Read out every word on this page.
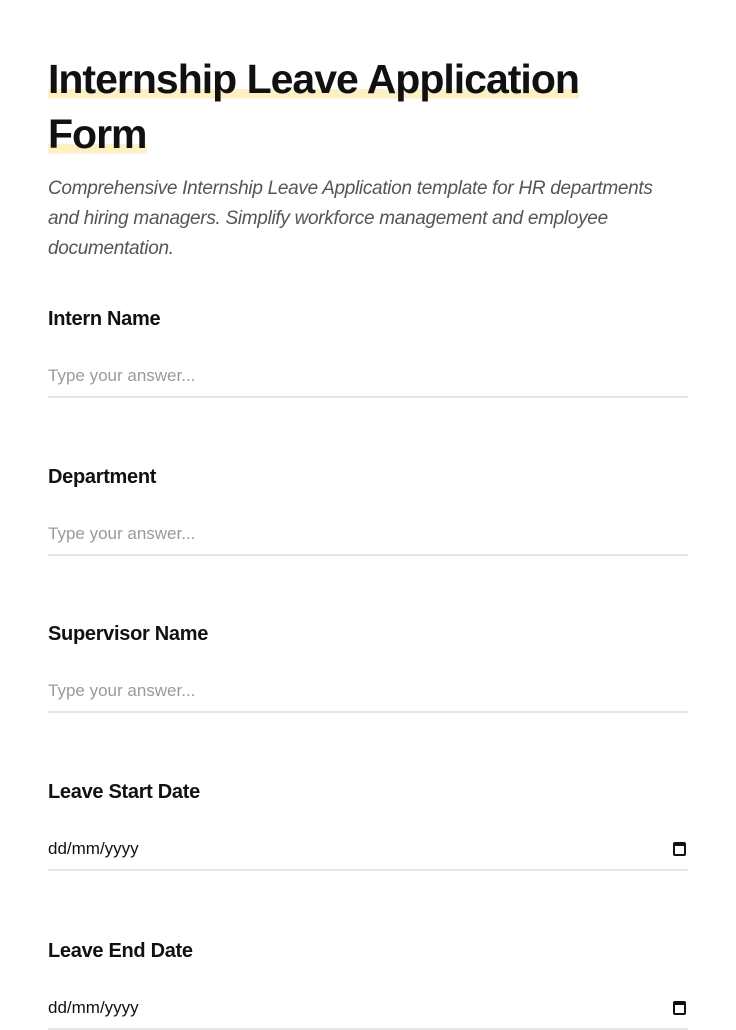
Internship Leave Application
Form

Comprehensive Internship Leave Application template for HR departments and hiring managers. Simplify workforce management and employee documentation.

Intern Name
Type your answer...
Department
Type your answer...
Supervisor Name
Type your answer...
Leave Start Date
dd/mm/yyyy
Leave End Date
dd/mm/yyyy
